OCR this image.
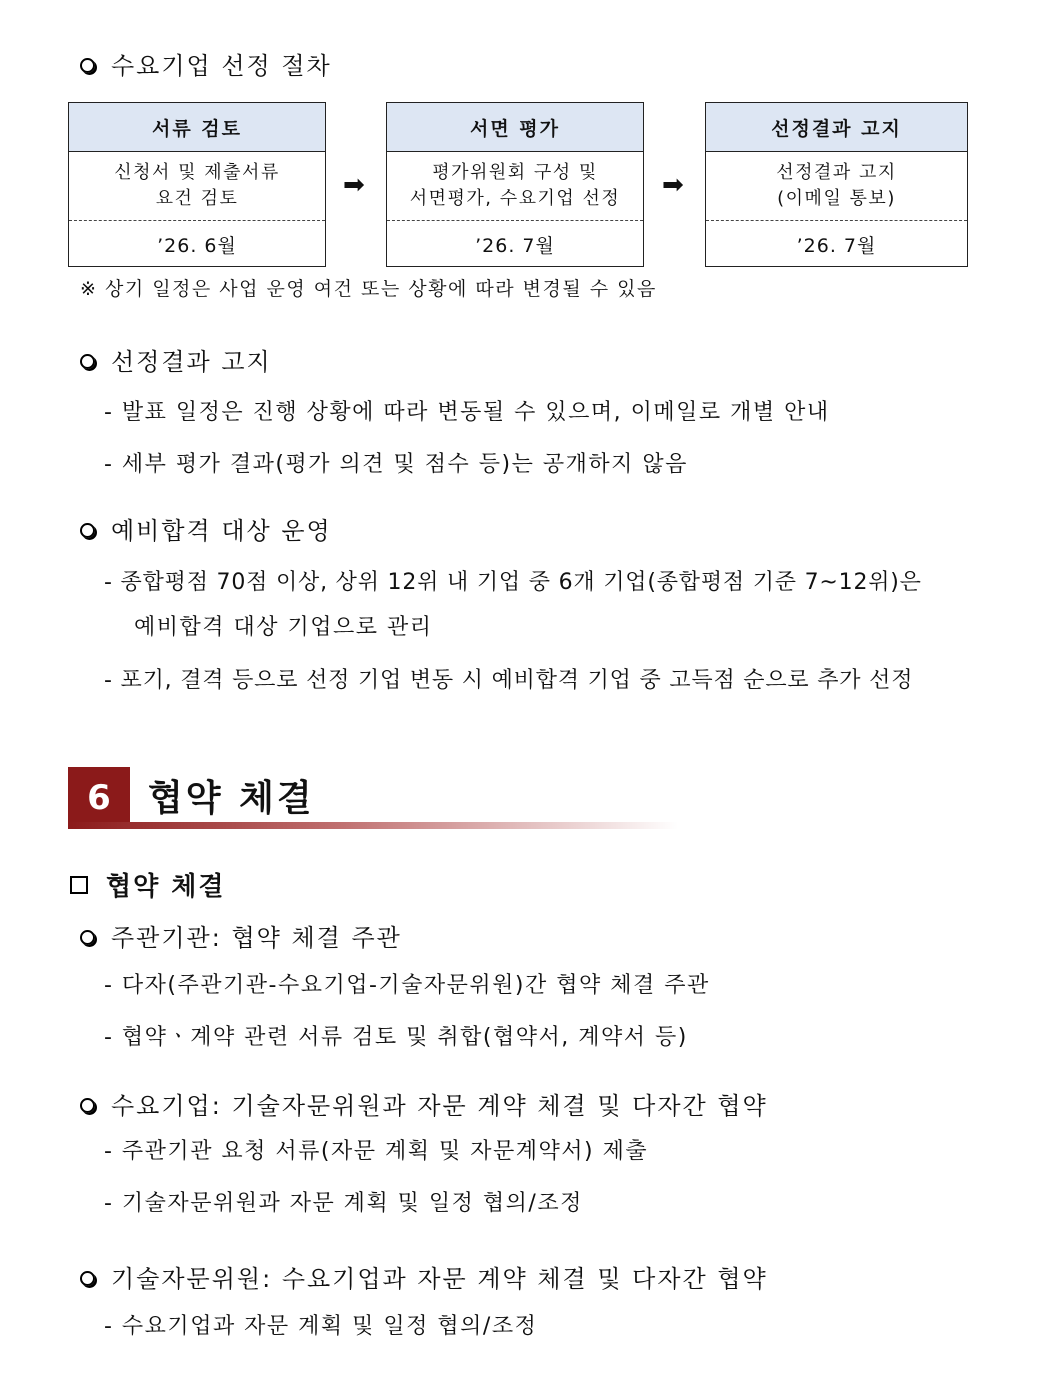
수요기업 선정 절차
서류 검토
신청서 및 제출서류
요건 검토
’26. 6월
➡
서면 평가
평가위원회 구성 및
서면평가, 수요기업 선정
’26. 7월
➡
선정결과 고지
선정결과 고지
(이메일 통보)
’26. 7월
※ 상기 일정은 사업 운영 여건 또는 상황에 따라 변경될 수 있음
선정결과 고지
- 발표 일정은 진행 상황에 따라 변동될 수 있으며, 이메일로 개별 안내
- 세부 평가 결과(평가 의견 및 점수 등)는 공개하지 않음
예비합격 대상 운영
- 종합평점 70점 이상, 상위 12위 내 기업 중 6개 기업(종합평점 기준 7~12위)은
예비합격 대상 기업으로 관리
- 포기, 결격 등으로 선정 기업 변동 시 예비합격 기업 중 고득점 순으로 추가 선정
6	협약 체결
협약 체결
주관기관: 협약 체결 주관
- 다자(주관기관-수요기업-기술자문위원)간 협약 체결 주관
- 협약ㆍ계약 관련 서류 검토 및 취합(협약서, 계약서 등)
수요기업: 기술자문위원과 자문 계약 체결 및 다자간 협약
- 주관기관 요청 서류(자문 계획 및 자문계약서) 제출
- 기술자문위원과 자문 계획 및 일정 협의/조정
기술자문위원: 수요기업과 자문 계약 체결 및 다자간 협약
- 수요기업과 자문 계획 및 일정 협의/조정
